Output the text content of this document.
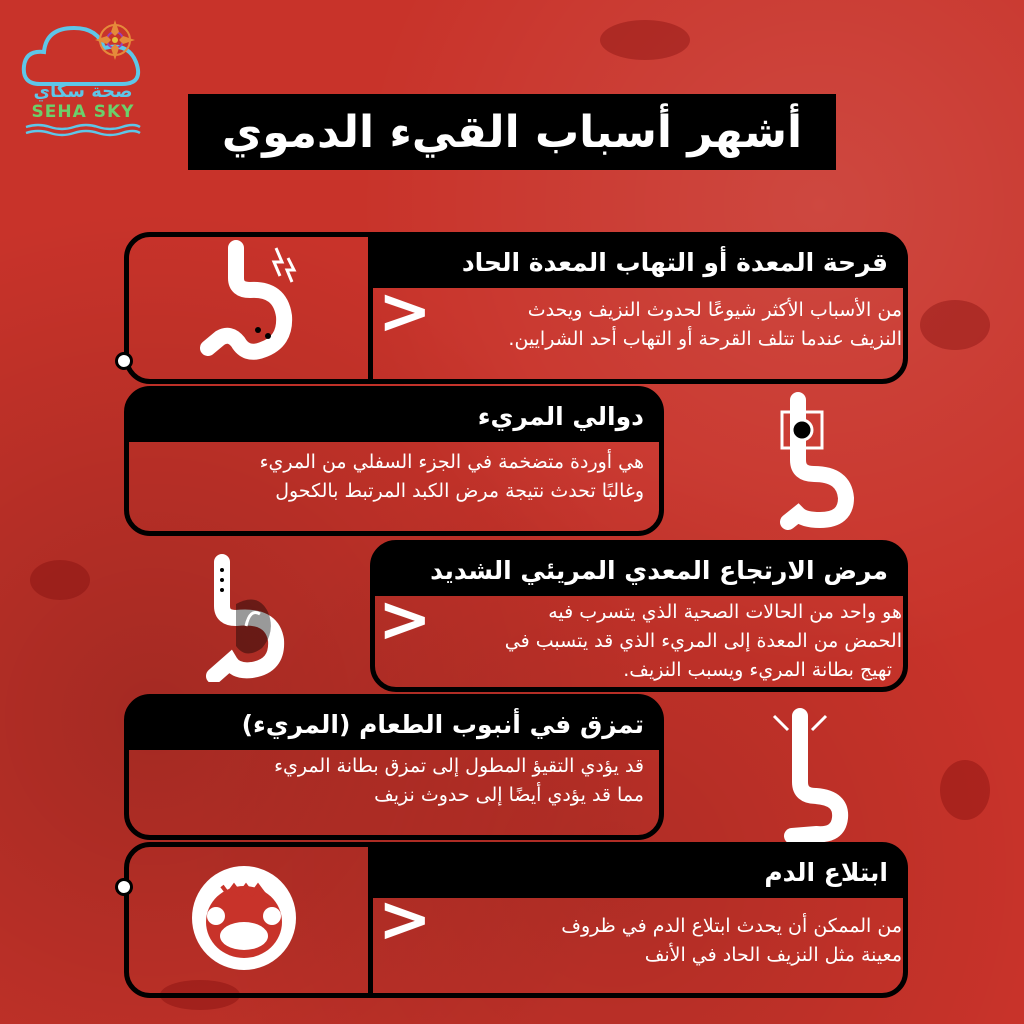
صحة سكاي
SEHA SKY	أشهر أسباب القيء الدموي
قرحة المعدة أو التهاب المعدة الحاد
>	من الأسباب الأكثر شيوعًا لحدوث النزيف ويحدث
النزيف عندما تتلف القرحة أو التهاب أحد الشرايين.
دوالي المريء
هي أوردة متضخمة في الجزء السفلي من المريء
وغالبًا تحدث نتيجة مرض الكبد المرتبط بالكحول
مرض الارتجاع المعدي المريئي الشديد
>	هو واحد من الحالات الصحية الذي يتسرب فيه
الحمض من المعدة إلى المريء الذي قد يتسبب في
تهيج بطانة المريء ويسبب النزيف.
تمزق في أنبوب الطعام (المريء)
قد يؤدي التقيؤ المطول إلى تمزق بطانة المريء
مما قد يؤدي أيضًا إلى حدوث نزيف
ابتلاع الدم
>	من الممكن أن يحدث ابتلاع الدم في ظروف
معينة مثل النزيف الحاد في الأنف
